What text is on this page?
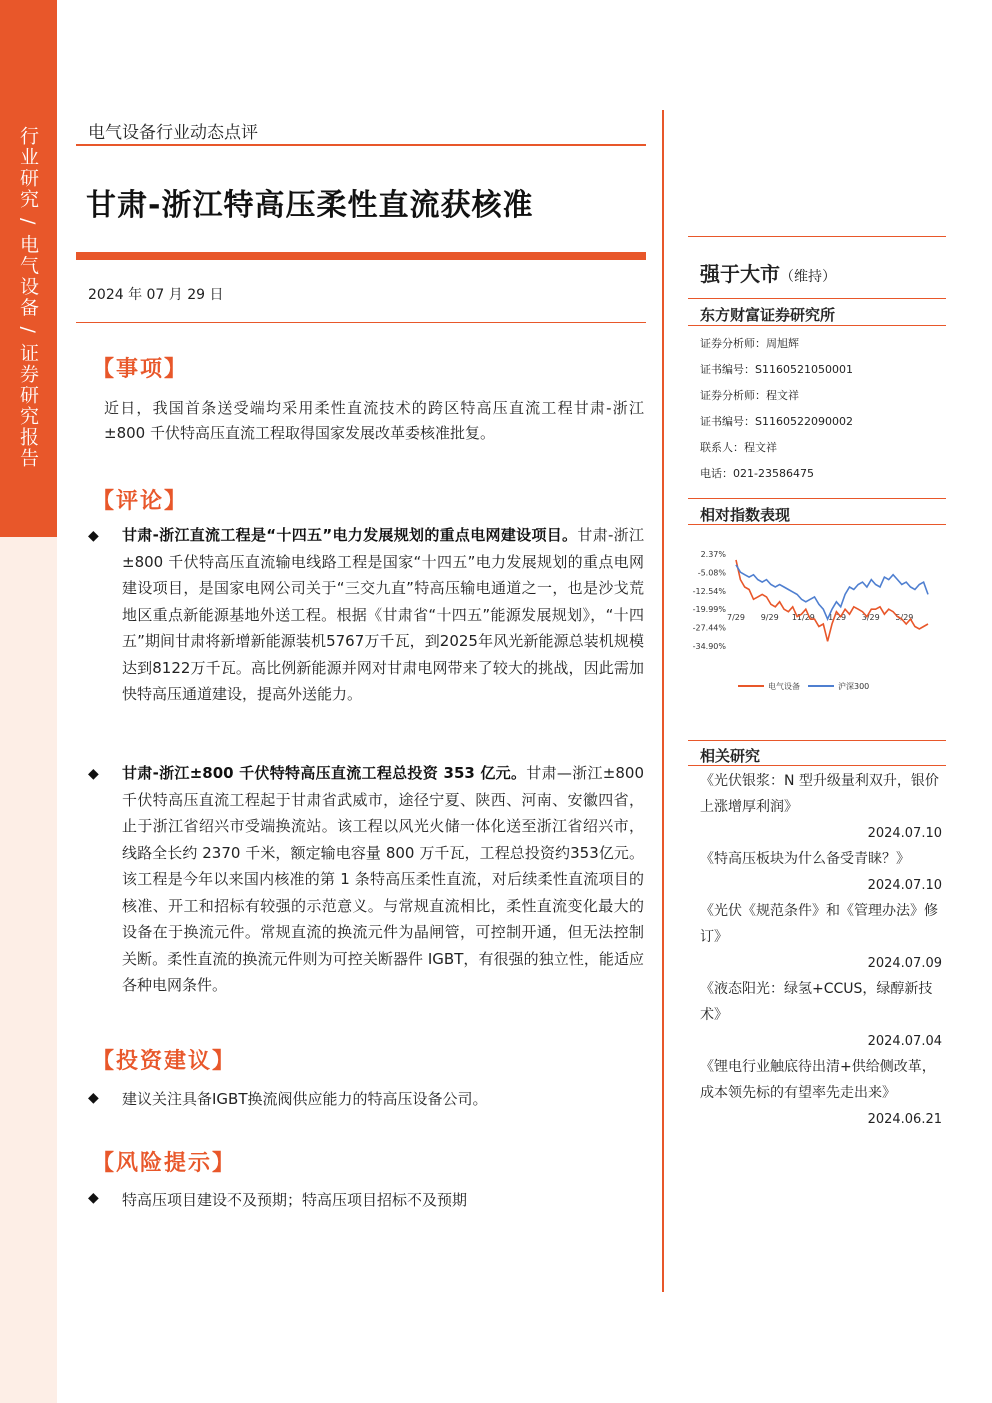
行业研究 / 电气设备 / 证券研究报告	电气设备行业动态点评
甘肃-浙江特高压柔性直流获核准
2024 年 07 月 29 日
【事项】
近日，我国首条送受端均采用柔性直流技术的跨区特高压直流工程甘肃-浙江±800 千伏特高压直流工程取得国家发展改革委核准批复。
【评论】
◆ 甘肃-浙江直流工程是“十四五”电力发展规划的重点电网建设项目。甘肃-浙江±800 千伏特高压直流输电线路工程是国家“十四五”电力发展规划的重点电网建设项目，是国家电网公司关于“三交九直”特高压输电通道之一，也是沙戈荒地区重点新能源基地外送工程。根据《甘肃省“十四五”能源发展规划》，“十四五”期间甘肃将新增新能源装机5767万千瓦，到2025年风光新能源总装机规模达到8122万千瓦。高比例新能源并网对甘肃电网带来了较大的挑战，因此需加快特高压通道建设，提高外送能力。
◆ 甘肃-浙江±800 千伏特特高压直流工程总投资 353 亿元。甘肃—浙江±800 千伏特高压直流工程起于甘肃省武威市，途径宁夏、陕西、河南、安徽四省，止于浙江省绍兴市受端换流站。该工程以风光火储一体化送至浙江省绍兴市，线路全长约 2370 千米，额定输电容量 800 万千瓦，工程总投资约353亿元。该工程是今年以来国内核准的第 1 条特高压柔性直流，对后续柔性直流项目的核准、开工和招标有较强的示范意义。与常规直流相比，柔性直流变化最大的设备在于换流元件。常规直流的换流元件为晶闸管，可控制开通，但无法控制关断。柔性直流的换流元件则为可控关断器件 IGBT，有很强的独立性，能适应各种电网条件。
【投资建议】
◆ 建议关注具备IGBT换流阀供应能力的特高压设备公司。
【风险提示】
◆ 特高压项目建设不及预期；特高压项目招标不及预期
强于大市（维持）
东方财富证券研究所
证券分析师：周旭辉
证书编号：S1160521050001
证券分析师：程文祥
证书编号：S1160522090002
联系人：程文祥
电话：021-23586475
相对指数表现
2.37%
-5.08%
-12.54%
-19.99%
-27.44%
-34.90%
7/29 9/29 11/29 1/29 3/29 5/29
电气设备	沪深300
相关研究
《光伏银浆：N 型升级量利双升，银价上涨增厚利润》
2024.07.10
《特高压板块为什么备受青睐？》
2024.07.10
《光伏《规范条件》和《管理办法》修订》
2024.07.09
《液态阳光：绿氢+CCUS，绿醇新技术》
2024.07.04
《锂电行业触底待出清+供给侧改革，成本领先标的有望率先走出来》
2024.06.21
